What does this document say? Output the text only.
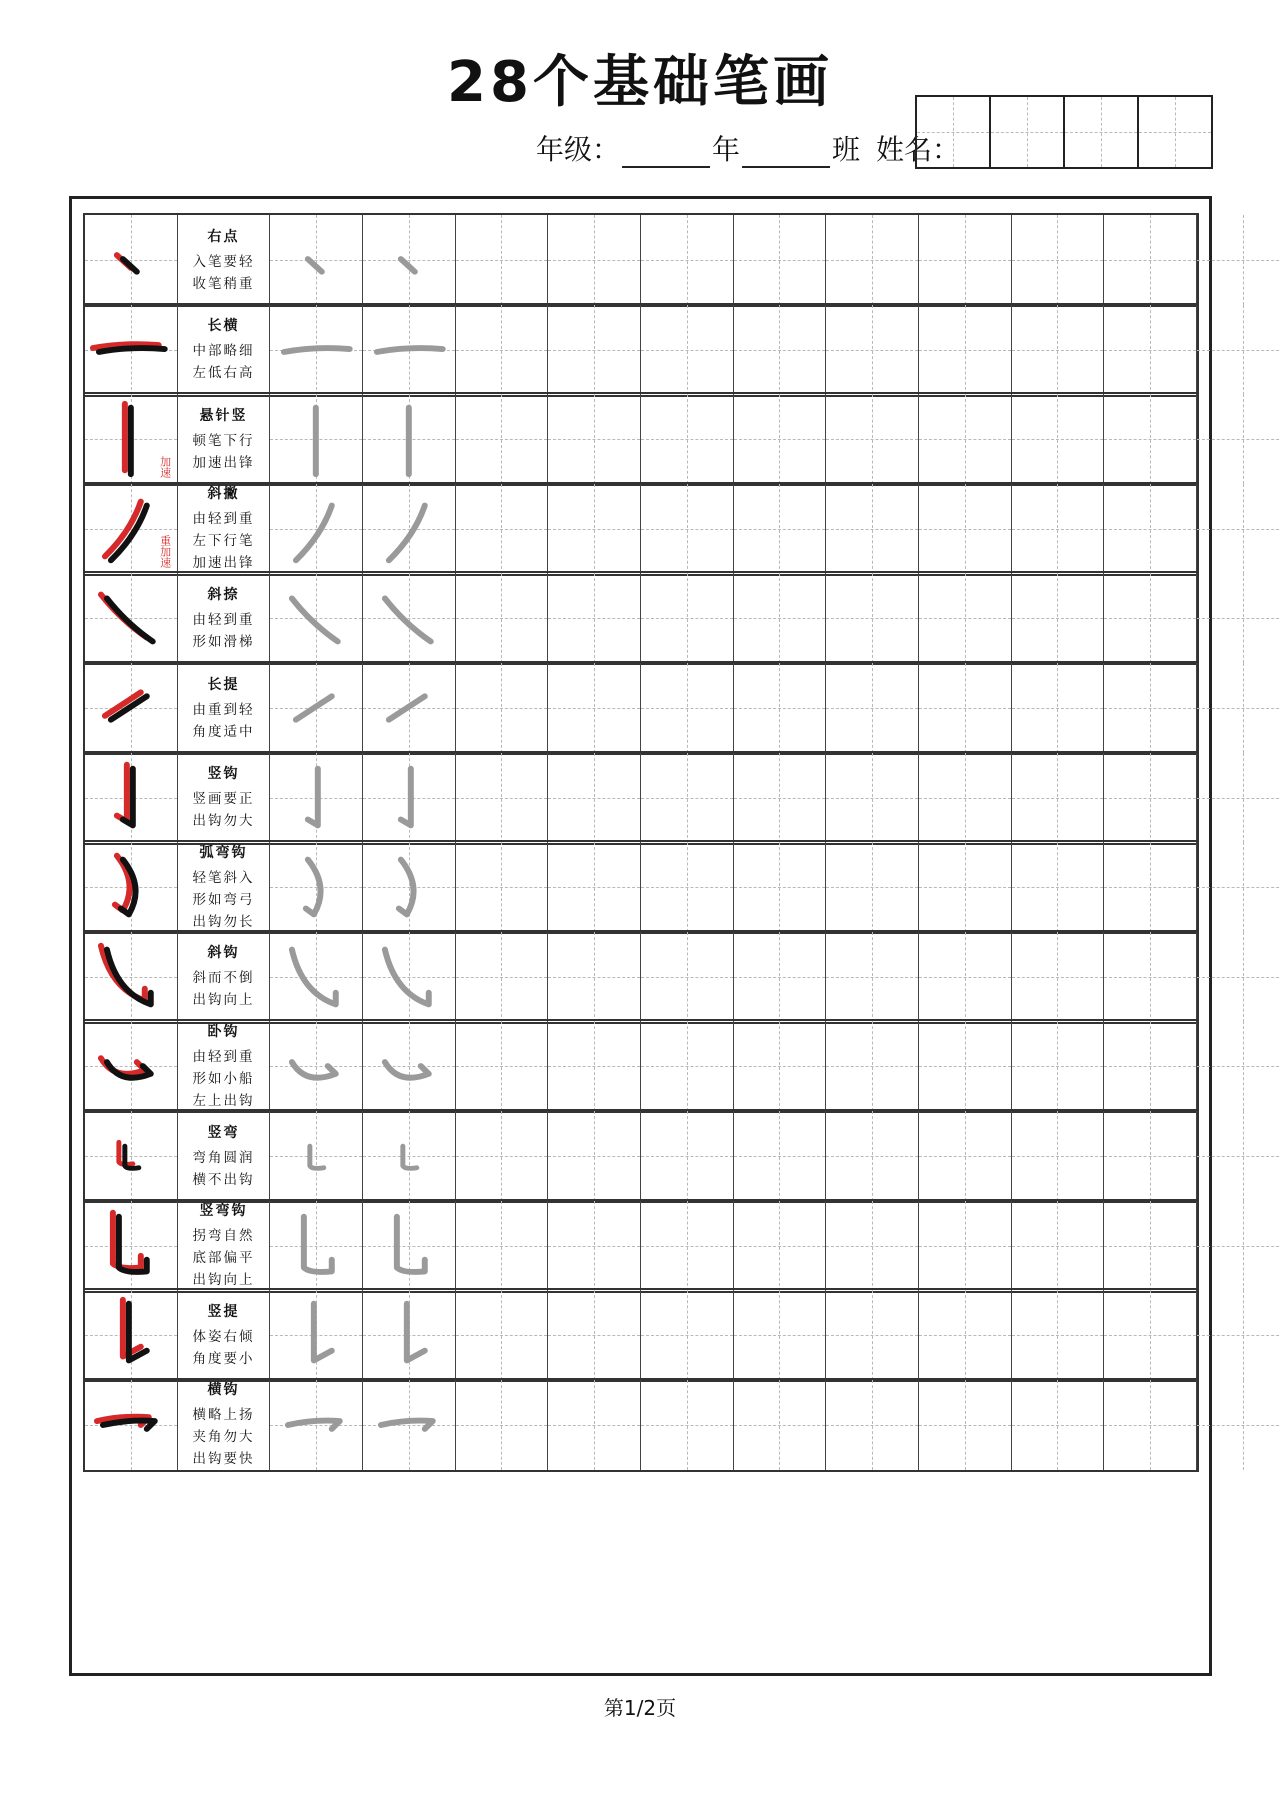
28个基础笔画
年级：	年	班 姓名：
右点
入笔要轻
收笔稍重
长横
中部略细
左低右高
加速
悬针竖
顿笔下行
加速出锋
重加速
斜撇
由轻到重
左下行笔
加速出锋
斜捺
由轻到重
形如滑梯
长提
由重到轻
角度适中
竖钩
竖画要正
出钩勿大
弧弯钩
轻笔斜入
形如弯弓
出钩勿长
斜钩
斜而不倒
出钩向上
卧钩
由轻到重
形如小船
左上出钩
竖弯
弯角圆润
横不出钩
竖弯钩
拐弯自然
底部偏平
出钩向上
竖提
体姿右倾
角度要小
横钩
横略上扬
夹角勿大
出钩要快
第1/2页
